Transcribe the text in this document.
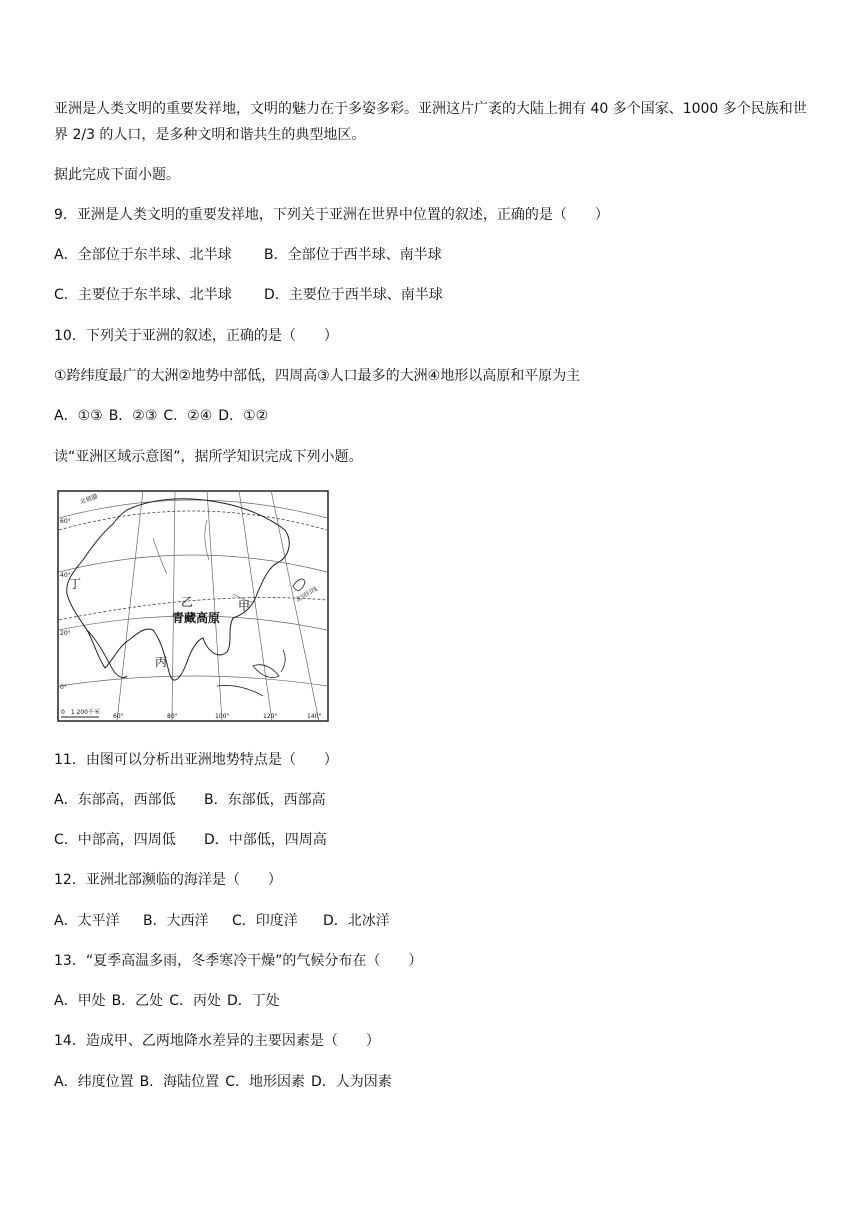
亚洲是人类文明的重要发祥地，文明的魅力在于多姿多彩。亚洲这片广袤的大陆上拥有 40 多个国家、1000 多个民族和世界 2/3 的人口，是多种文明和谐共生的典型地区。
据此完成下面小题。
9．亚洲是人类文明的重要发祥地，下列关于亚洲在世界中位置的叙述，正确的是（　　）
A．全部位于东半球、北半球 B．全部位于西半球、南半球
C．主要位于东半球、北半球 D．主要位于西半球、南半球
10．下列关于亚洲的叙述，正确的是（　　）
①跨纬度最广的大洲②地势中部低，四周高③人口最多的大洲④地形以高原和平原为主
A．①③ B．②③ C．②④ D．①②
读“亚洲区域示意图”，据所学知识完成下列小题。
北极圈
北回归线
青藏高原
乙	甲
丙
丁
60°
40°
20°
0°
0　1 200千米
60°	80°	100°	120°	140°
11．由图可以分析出亚洲地势特点是（　　）
A．东部高，西部低 B．东部低，西部高
C．中部高，四周低 D．中部低，四周高
12．亚洲北部濒临的海洋是（　　）
A．太平洋 B．大西洋 C．印度洋 D．北冰洋
13．“夏季高温多雨，冬季寒冷干燥”的气候分布在（　　）
A．甲处 B．乙处 C．丙处 D．丁处
14．造成甲、乙两地降水差异的主要因素是（　　）
A．纬度位置 B．海陆位置 C．地形因素 D．人为因素
